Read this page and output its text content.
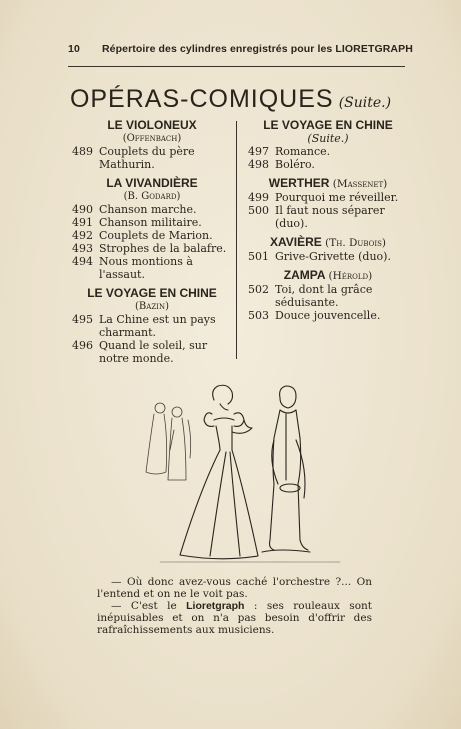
10 Répertoire des cylindres enregistrés pour les LIORETGRAPH
OPÉRAS-COMIQUES (Suite.)
LE VIOLONEUX
(Offenbach)
489 Couplets du père Mathurin.
LA VIVANDIÈRE
(B. Godard)
490 Chanson marche.
491 Chanson militaire.
492 Couplets de Marion.
493 Strophes de la balafre.
494 Nous montions à l'assaut.
LE VOYAGE EN CHINE
(Bazin)
495 La Chine est un pays charmant.
496 Quand le soleil, sur notre monde.
LE VOYAGE EN CHINE
(Suite.)
497 Romance.
498 Boléro.
WERTHER (Massenet)
499 Pourquoi me réveiller.
500 Il faut nous séparer (duo).
XAVIÈRE (Th. Dubois)
501 Grive-Grivette (duo).
ZAMPA (Hérold)
502 Toi, dont la grâce séduisante.
503 Douce jouvencelle.

— Où donc avez-vous caché l'orchestre ?... On l'entend et on ne le voit pas.

— C'est le Lioretgraph : ses rouleaux sont inépuisables et on n'a pas besoin d'offrir des rafraîchissements aux musiciens.
